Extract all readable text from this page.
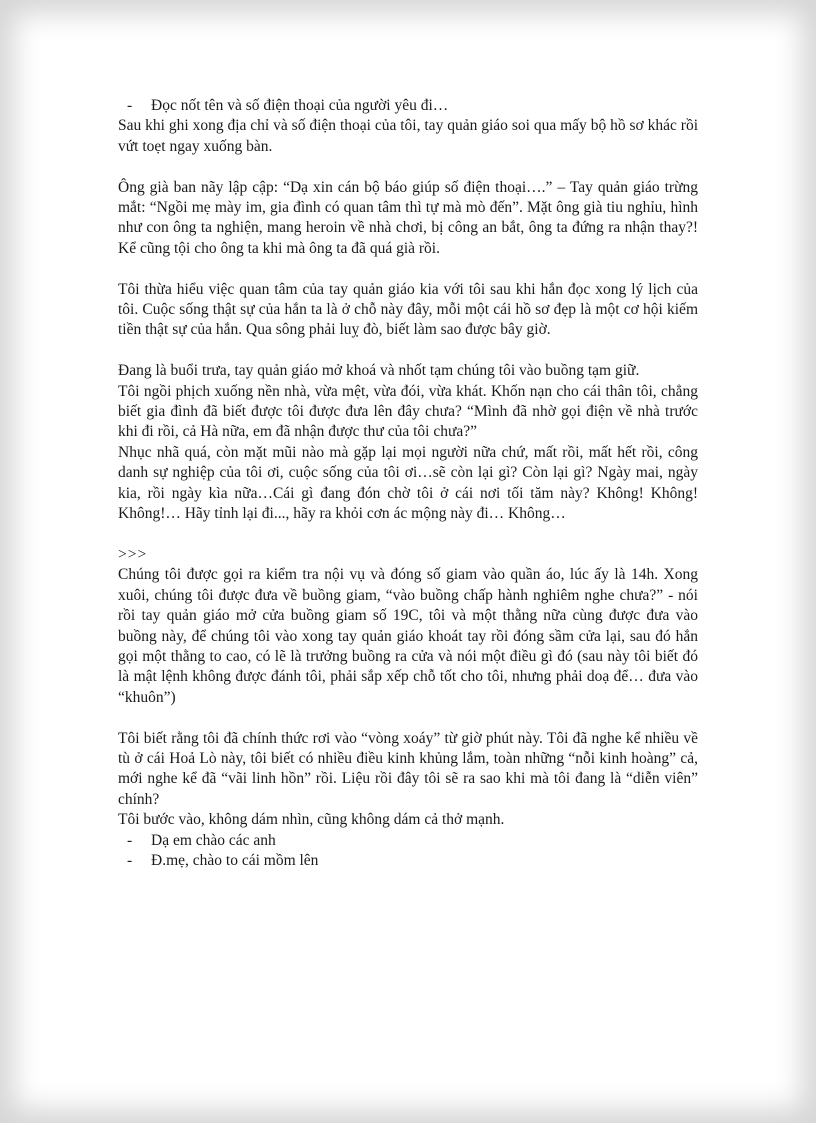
- Đọc nốt tên và số điện thoại của người yêu đi…

Sau khi ghi xong địa chỉ và số điện thoại của tôi, tay quản giáo soi qua mấy bộ hồ sơ khác rồi vứt toẹt ngay xuống bàn.

Ông già ban nãy lập cập: “Dạ xin cán bộ báo giúp số điện thoại….” – Tay quản giáo trừng mắt: “Ngồi mẹ mày im, gia đình có quan tâm thì tự mà mò đến”. Mặt ông già tiu nghỉu, hình như con ông ta nghiện, mang heroin về nhà chơi, bị công an bắt, ông ta đứng ra nhận thay?! Kể cũng tội cho ông ta khi mà ông ta đã quá già rồi.

Tôi thừa hiểu việc quan tâm của tay quản giáo kia với tôi sau khi hắn đọc xong lý lịch của tôi. Cuộc sống thật sự của hắn ta là ở chỗ này đây, mỗi một cái hồ sơ đẹp là một cơ hội kiếm tiền thật sự của hắn. Qua sông phải luỵ đò, biết làm sao được bây giờ.

Đang là buổi trưa, tay quản giáo mở khoá và nhốt tạm chúng tôi vào buồng tạm giữ.

Tôi ngồi phịch xuống nền nhà, vừa mệt, vừa đói, vừa khát. Khốn nạn cho cái thân tôi, chẳng biết gia đình đã biết được tôi được đưa lên đây chưa? “Mình đã nhờ gọi điện về nhà trước khi đi rồi, cả Hà nữa, em đã nhận được thư của tôi chưa?”

Nhục nhã quá, còn mặt mũi nào mà gặp lại mọi người nữa chứ, mất rồi, mất hết rồi, công danh sự nghiệp của tôi ơi, cuộc sống của tôi ơi…sẽ còn lại gì? Còn lại gì? Ngày mai, ngày kia, rồi ngày kìa nữa…Cái gì đang đón chờ tôi ở cái nơi tối tăm này? Không! Không! Không!… Hãy tỉnh lại đi..., hãy ra khỏi cơn ác mộng này đi… Không…

>>>

Chúng tôi được gọi ra kiểm tra nội vụ và đóng số giam vào quần áo, lúc ấy là 14h. Xong xuôi, chúng tôi được đưa về buồng giam, “vào buồng chấp hành nghiêm nghe chưa?” - nói rồi tay quản giáo mở cửa buồng giam số 19C, tôi và một thằng nữa cùng được đưa vào buồng này, để chúng tôi vào xong tay quản giáo khoát tay rồi đóng sầm cửa lại, sau đó hắn gọi một thằng to cao, có lẽ là trưởng buồng ra cửa và nói một điều gì đó (sau này tôi biết đó là mật lệnh không được đánh tôi, phải sắp xếp chỗ tốt cho tôi, nhưng phải doạ để… đưa vào “khuôn”)

Tôi biết rằng tôi đã chính thức rơi vào “vòng xoáy” từ giờ phút này. Tôi đã nghe kể nhiều về tù ở cái Hoả Lò này, tôi biết có nhiều điều kinh khủng lắm, toàn những “nỗi kinh hoàng” cả, mới nghe kể đã “vãi linh hồn” rồi. Liệu rồi đây tôi sẽ ra sao khi mà tôi đang là “diễn viên” chính?

Tôi bước vào, không dám nhìn, cũng không dám cả thở mạnh.

- Dạ em chào các anh

- Đ.mẹ, chào to cái mồm lên
